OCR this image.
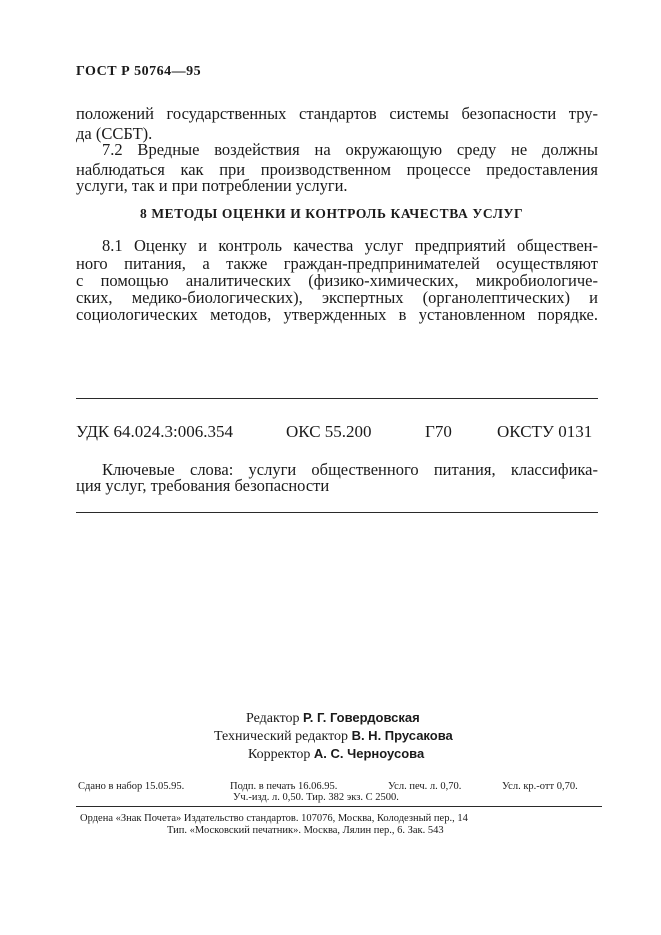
ГОСТ Р 50764—95
положений государственных стандартов системы безопасности тру-
да (ССБТ).
7.2 Вредные воздействия на окружающую среду не должны
наблюдаться как при производственном процессе предоставления
услуги, так и при потреблении услуги.
8 МЕТОДЫ ОЦЕНКИ И КОНТРОЛЬ КАЧЕСТВА УСЛУГ
8.1 Оценку и контроль качества услуг предприятий обществен-
ного питания, а также граждан-предпринимателей осуществляют
с помощью аналитических (физико-химических, микробиологиче-
ских, медико-биологических), экспертных (органолептических) и
социологических методов, утвержденных в установленном порядке.
УДК 64.024.3:006.354	ОКС 55.200	Г70	ОКСТУ 0131
Ключевые слова: услуги общественного питания, классифика-
ция услуг, требования безопасности
Редактор Р. Г. Говердовская
Технический редактор В. Н. Прусакова
Корректор А. С. Черноусова
Сдано в набор 15.05.95.	Подп. в печать 16.06.95.	Усл. печ. л. 0,70.	Усл. кр.-отт 0,70.
Уч.-изд. л. 0,50. Тир. 382 экз. С 2500.
Ордена «Знак Почета» Издательство стандартов. 107076, Москва, Колодезный пер., 14
Тип. «Московский печатник». Москва, Лялин пер., 6. Зак. 543
